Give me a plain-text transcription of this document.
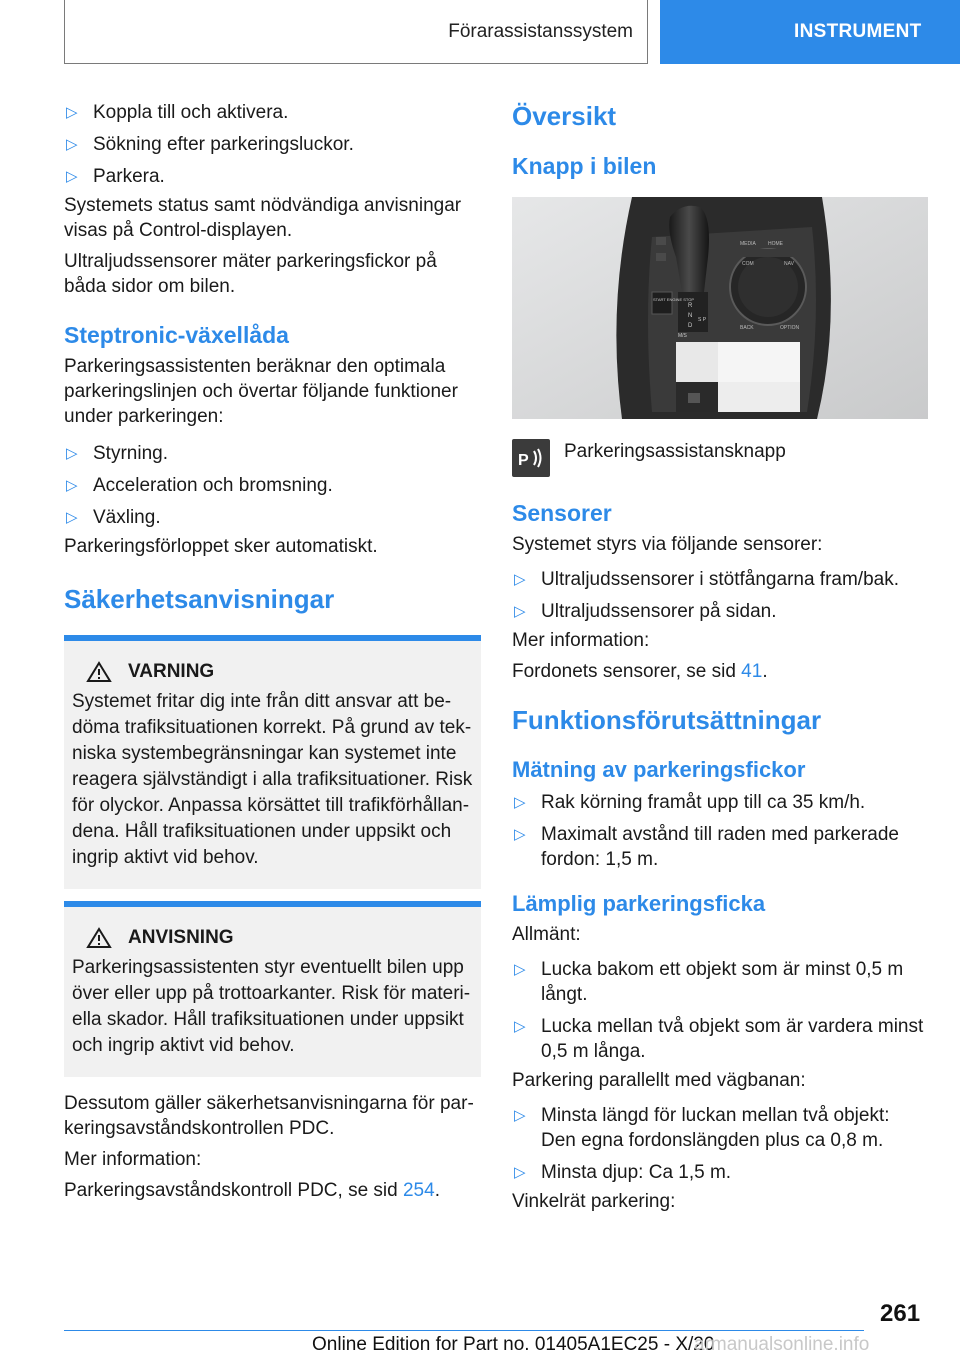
Förarassistanssystem	INSTRUMENT
▷ Koppla till och aktivera.
▷ Sökning efter parkeringsluckor.
▷ Parkera.

Systemets status samt nödvändiga anvisningar visas på Control-displayen.

Ultraljudssensorer mäter parkeringsfickor på båda sidor om bilen.

Steptronic-växellåda

Parkeringsassistenten beräknar den optimala parkeringslinjen och övertar följande funktioner under parkeringen:

▷ Styrning.
▷ Acceleration och bromsning.
▷ Växling.

Parkeringsförloppet sker automatiskt.

Säkerhetsanvisningar
VARNING

Systemet fritar dig inte från ditt ansvar att bedöma trafiksituationen korrekt. På grund av tekniska systembegränsningar kan systemet inte reagera självständigt i alla trafiksituationer. Risk för olyckor. Anpassa körsättet till trafikförhållandena. Håll trafiksituationen under uppsikt och ingrip aktivt vid behov.

ANVISNING

Parkeringsassistenten styr eventuellt bilen upp över eller upp på trottoarkanter. Risk för materiella skador. Håll trafiksituationen under uppsikt och ingrip aktivt vid behov.

Dessutom gäller säkerhetsanvisningarna för parkeringsavståndskontrollen PDC.

Mer information:

Parkeringsavståndskontroll PDC, se sid 254.

Översikt
Knapp i bilen
MEDIA HOME
COM	NAV
BACK	OPTION
START ENGINE STOP
R
N
D
M/S
S P
P Parkeringsassistansknapp

Sensorer

Systemet styrs via följande sensorer:

▷ Ultraljudssensorer i stötfångarna fram/bak.
▷ Ultraljudssensorer på sidan.

Mer information:

Fordonets sensorer, se sid 41.

Funktionsförutsättningar
Mätning av parkeringsfickor
▷ Rak körning framåt upp till ca 35 km/h.
▷ Maximalt avstånd till raden med parkerade fordon: 1,5 m.
Lämplig parkeringsficka

Allmänt:

▷ Lucka bakom ett objekt som är minst 0,5 m långt.
▷ Lucka mellan två objekt som är vardera minst 0,5 m långa.

Parkering parallellt med vägbanan:

▷ Minsta längd för luckan mellan två objekt: Den egna fordonslängden plus ca 0,8 m.
▷ Minsta djup: Ca 1,5 m.

Vinkelrät parkering:

261
Online Edition for Part no. 01405A1EC25 - X/20
armanualsonline.info
